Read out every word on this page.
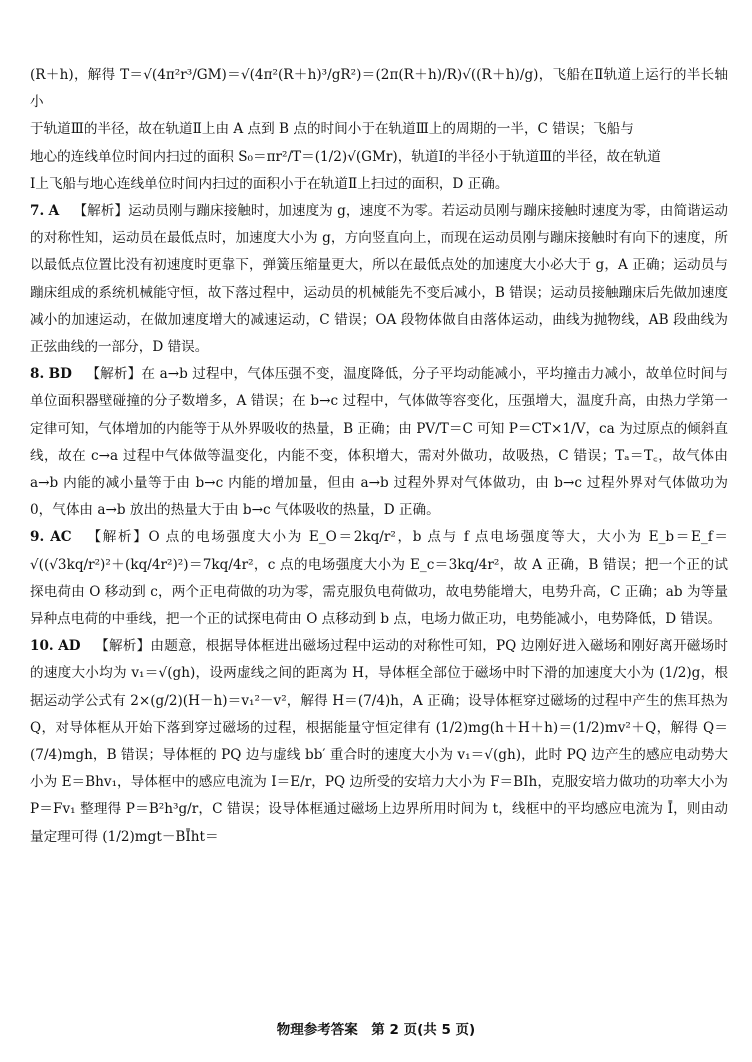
(R＋h)，解得 T＝√(4π²r³/GM)＝√(4π²(R＋h)³/gR²)＝(2π(R＋h)/R)√((R＋h)/g)，飞船在Ⅱ轨道上运行的半长轴小

于轨道Ⅲ的半径，故在轨道Ⅱ上由 A 点到 B 点的时间小于在轨道Ⅲ上的周期的一半，C 错误；飞船与

地心的连线单位时间内扫过的面积 S₀＝πr²/T＝(1/2)√(GMr)，轨道Ⅰ的半径小于轨道Ⅲ的半径，故在轨道

Ⅰ上飞船与地心连线单位时间内扫过的面积小于在轨道Ⅱ上扫过的面积，D 正确。

7. A 【解析】运动员刚与蹦床接触时，加速度为 g，速度不为零。若运动员刚与蹦床接触时速度为零，由简谐运动的对称性知，运动员在最低点时，加速度大小为 g，方向竖直向上，而现在运动员刚与蹦床接触时有向下的速度，所以最低点位置比没有初速度时更靠下，弹簧压缩量更大，所以在最低点处的加速度大小必大于 g，A 正确；运动员与蹦床组成的系统机械能守恒，故下落过程中，运动员的机械能先不变后减小，B 错误；运动员接触蹦床后先做加速度减小的加速运动，在做加速度增大的减速运动，C 错误；OA 段物体做自由落体运动，曲线为抛物线，AB 段曲线为正弦曲线的一部分，D 错误。

8. BD 【解析】在 a→b 过程中，气体压强不变，温度降低，分子平均动能减小，平均撞击力减小，故单位时间与单位面积器壁碰撞的分子数增多，A 错误；在 b→c 过程中，气体做等容变化，压强增大，温度升高，由热力学第一定律可知，气体增加的内能等于从外界吸收的热量，B 正确；由 PV/T＝C 可知 P＝CT×1/V，ca 为过原点的倾斜直线，故在 c→a 过程中气体做等温变化，内能不变，体积增大，需对外做功，故吸热，C 错误；Tₐ＝T꜀，故气体由 a→b 内能的减小量等于由 b→c 内能的增加量，但由 a→b 过程外界对气体做功，由 b→c 过程外界对气体做功为 0，气体由 a→b 放出的热量大于由 b→c 气体吸收的热量，D 正确。

9. AC 【解析】O 点的电场强度大小为 E_O＝2kq/r²，b 点与 f 点电场强度等大，大小为 E_b＝E_f＝√((√3kq/r²)²＋(kq/4r²)²)＝7kq/4r²，c 点的电场强度大小为 E_c＝3kq/4r²，故 A 正确，B 错误；把一个正的试探电荷由 O 移动到 c，两个正电荷做的功为零，需克服负电荷做功，故电势能增大，电势升高，C 正确；ab 为等量异种点电荷的中垂线，把一个正的试探电荷由 O 点移动到 b 点，电场力做正功，电势能减小，电势降低，D 错误。

10. AD 【解析】由题意，根据导体框进出磁场过程中运动的对称性可知，PQ 边刚好进入磁场和刚好离开磁场时的速度大小均为 v₁＝√(gh)，设两虚线之间的距离为 H，导体框全部位于磁场中时下滑的加速度大小为 (1/2)g，根据运动学公式有 2×(g/2)(H－h)＝v₁²－v²，解得 H＝(7/4)h，A 正确；设导体框穿过磁场的过程中产生的焦耳热为 Q，对导体框从开始下落到穿过磁场的过程，根据能量守恒定律有 (1/2)mg(h＋H＋h)＝(1/2)mv²＋Q，解得 Q＝(7/4)mgh，B 错误；导体框的 PQ 边与虚线 bb′ 重合时的速度大小为 v₁＝√(gh)，此时 PQ 边产生的感应电动势大小为 E＝Bhv₁，导体框中的感应电流为 I＝E/r，PQ 边所受的安培力大小为 F＝BIh，克服安培力做功的功率大小为 P＝Fv₁ 整理得 P＝B²h³g/r，C 错误；设导体框通过磁场上边界所用时间为 t，线框中的平均感应电流为 Ī，则由动量定理可得 (1/2)mgt－BĪht＝

物理参考答案　第 2 页(共 5 页)
